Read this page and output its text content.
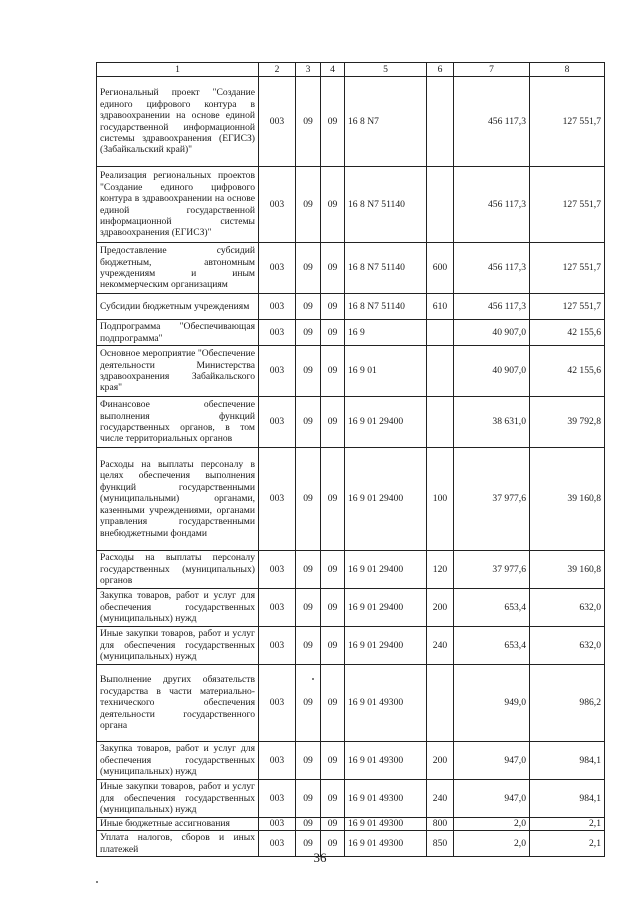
1	2	3	4	5	6	7	8
Региональный проект "Создание единого цифрового контура в здравоохранении на основе единой государственной информационной системы здравоохранения (ЕГИСЗ) (Забайкальский край)"	003	09	09	16 8 N7		456 117,3	127 551,7
Реализация региональных проектов "Создание единого цифрового контура в здравоохранении на основе единой государственной информационной системы здравоохранения (ЕГИСЗ)"	003	09	09	16 8 N7 51140		456 117,3	127 551,7
Предоставление субсидий бюджетным, автономным учреждениям и иным некоммерческим организациям	003	09	09	16 8 N7 51140	600	456 117,3	127 551,7
Субсидии бюджетным учреждениям	003	09	09	16 8 N7 51140	610	456 117,3	127 551,7
Подпрограмма "Обеспечивающая подпрограмма"	003	09	09	16 9		40 907,0	42 155,6
Основное мероприятие "Обеспечение деятельности Министерства здравоохранения Забайкальского края"	003	09	09	16 9 01		40 907,0	42 155,6
Финансовое обеспечение выполнения функций государственных органов, в том числе территориальных органов	003	09	09	16 9 01 29400		38 631,0	39 792,8
Расходы на выплаты персоналу в целях обеспечения выполнения функций государственными (муниципальными) органами, казенными учреждениями, органами управления государственными внебюджетными фондами	003	09	09	16 9 01 29400	100	37 977,6	39 160,8
Расходы на выплаты персоналу государственных (муниципальных) органов	003	09	09	16 9 01 29400	120	37 977,6	39 160,8
Закупка товаров, работ и услуг для обеспечения государственных (муниципальных) нужд	003	09	09	16 9 01 29400	200	653,4	632,0
Иные закупки товаров, работ и услуг для обеспечения государственных (муниципальных) нужд	003	09	09	16 9 01 29400	240	653,4	632,0
Выполнение других обязательств государства в части материально-технического обеспечения деятельности государственного органа	003	09	09	16 9 01 49300		949,0	986,2
Закупка товаров, работ и услуг для обеспечения государственных (муниципальных) нужд	003	09	09	16 9 01 49300	200	947,0	984,1
Иные закупки товаров, работ и услуг для обеспечения государственных (муниципальных) нужд	003	09	09	16 9 01 49300	240	947,0	984,1
Иные бюджетные ассигнования	003	09	09	16 9 01 49300	800	2,0	2,1
Уплата налогов, сборов и иных платежей	003	09	09	16 9 01 49300	850	2,0	2,1
36
